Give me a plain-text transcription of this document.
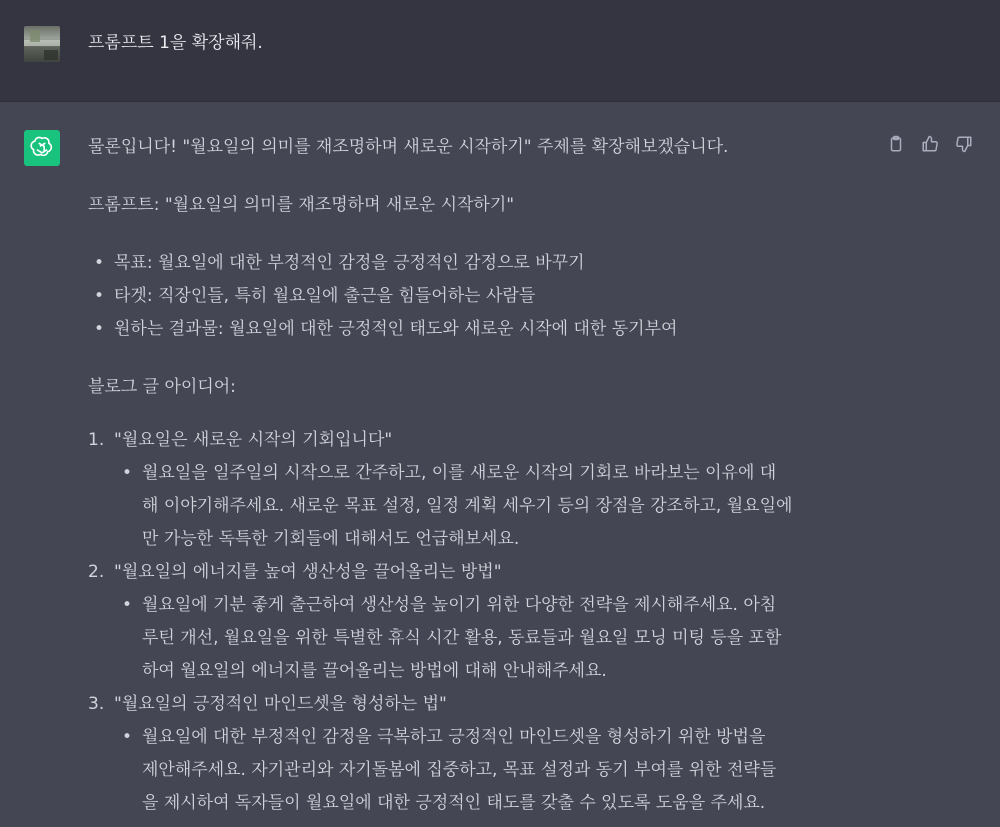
프롬프트 1을 확장해줘.

물론입니다! "월요일의 의미를 재조명하며 새로운 시작하기" 주제를 확장해보겠습니다.

프롬프트: "월요일의 의미를 재조명하며 새로운 시작하기"

• 목표: 월요일에 대한 부정적인 감정을 긍정적인 감정으로 바꾸기
• 타겟: 직장인들, 특히 월요일에 출근을 힘들어하는 사람들
• 원하는 결과물: 월요일에 대한 긍정적인 태도와 새로운 시작에 대한 동기부여

블로그 글 아이디어:

1. "월요일은 새로운 시작의 기회입니다"
• 월요일을 일주일의 시작으로 간주하고, 이를 새로운 시작의 기회로 바라보는 이유에 대
해 이야기해주세요. 새로운 목표 설정, 일정 계획 세우기 등의 장점을 강조하고, 월요일에
만 가능한 독특한 기회들에 대해서도 언급해보세요.
2. "월요일의 에너지를 높여 생산성을 끌어올리는 방법"
• 월요일에 기분 좋게 출근하여 생산성을 높이기 위한 다양한 전략을 제시해주세요. 아침
루틴 개선, 월요일을 위한 특별한 휴식 시간 활용, 동료들과 월요일 모닝 미팅 등을 포함
하여 월요일의 에너지를 끌어올리는 방법에 대해 안내해주세요.
3. "월요일의 긍정적인 마인드셋을 형성하는 법"
• 월요일에 대한 부정적인 감정을 극복하고 긍정적인 마인드셋을 형성하기 위한 방법을
제안해주세요. 자기관리와 자기돌봄에 집중하고, 목표 설정과 동기 부여를 위한 전략들
을 제시하여 독자들이 월요일에 대한 긍정적인 태도를 갖출 수 있도록 도움을 주세요.
